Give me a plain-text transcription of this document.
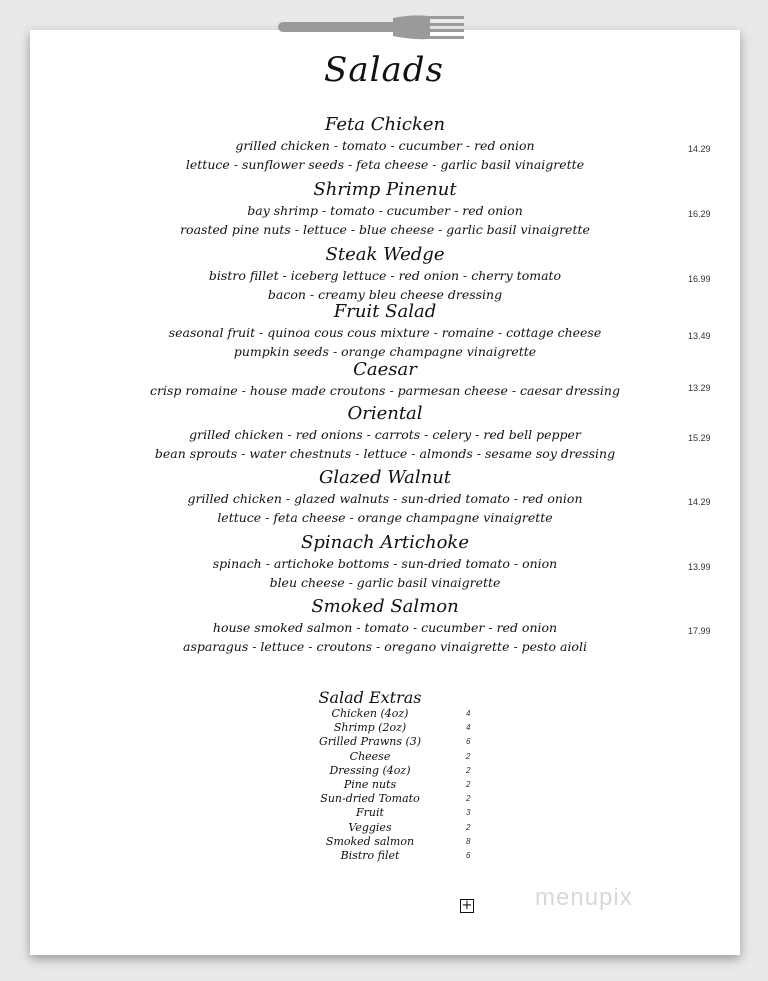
Salads
Feta Chicken
grilled chicken - tomato - cucumber - red onion
lettuce - sunflower seeds - feta cheese - garlic basil vinaigrette
14.29
Shrimp Pinenut
bay shrimp - tomato - cucumber - red onion
roasted pine nuts - lettuce - blue cheese - garlic basil vinaigrette
16.29
Steak Wedge
bistro fillet - iceberg lettuce - red onion - cherry tomato
bacon - creamy bleu cheese dressing
16.99
Fruit Salad
seasonal fruit - quinoa cous cous mixture - romaine - cottage cheese
pumpkin seeds - orange champagne vinaigrette
13.49
Caesar
crisp romaine - house made croutons - parmesan cheese - caesar dressing	13.29
Oriental
grilled chicken - red onions - carrots - celery - red bell pepper
bean sprouts - water chestnuts - lettuce - almonds - sesame soy dressing
15.29
Glazed Walnut
grilled chicken - glazed walnuts - sun-dried tomato - red onion
lettuce - feta cheese - orange champagne vinaigrette
14.29
Spinach Artichoke
spinach - artichoke bottoms - sun-dried tomato - onion
bleu cheese - garlic basil vinaigrette
13.99
Smoked Salmon
house smoked salmon - tomato - cucumber - red onion
asparagus - lettuce - croutons - oregano vinaigrette - pesto aioli
17.99
Salad Extras
Chicken (4oz)	4
Shrimp (2oz)	4
Grilled Prawns (3)	6
Cheese	2
Dressing (4oz)	2
Pine nuts	2
Sun-dried Tomato	2
Fruit	3
Veggies	2
Smoked salmon	8
Bistro filet	6
+	menupix
